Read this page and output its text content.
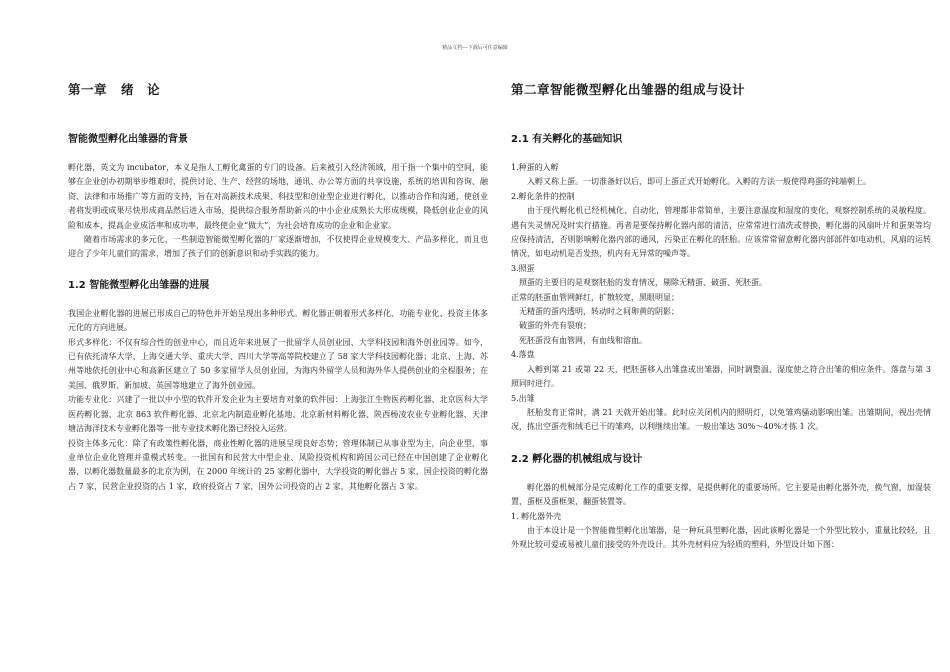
精品文档---下载后可任意编辑
第一章 绪　论
智能微型孵化出雏器的背景

孵化器，英文为 incubator，本义是指人工孵化禽蛋的专门的设备。后来被引入经济领域，用于指一个集中的空间，能够在企业创办初期举步维艰时，提供讨论、生产、经营的场地，通讯、办公等方面的共享设施，系统的培训和咨询、融资、法律和市场推广等方面的支持，旨在对高新技术成果、科技型和创业型企业进行孵化，以推动合作和沟通，使创业者将发明或成果尽快形成商品然后进入市场，提供综合服务帮助新兴的中小企业成熟长大形成规模，降低创业企业的风险和成本，提高企业成活率和成功率，最终使企业“做大”，为社会培育成功的企业和企业家。

随着市场需求的多元化，一些制造智能微型孵化器的厂家逐渐增加，不仅使得企业规模变大、产品多样化，而且也迎合了少年儿童们的需求，增加了孩子们的创新意识和动手实践的能力。

1.2 智能微型孵化出雏器的进展

我国企业孵化器的进展已形成自己的特色并开始呈现出多种形式。孵化器正朝着形式多样化、功能专业化、投资主体多元化的方向进展。

形式多样化：不仅有综合性的创业中心，而且近年来进展了一批留学人员创业园、大学科技园和海外创业园等。如今，已有依托清华大学、上海交通大学、重庆大学、四川大学等高等院校建立了 58 家大学科技园孵化器；北京、上海、苏州等地依托创业中心和高新区建立了 50 多家留学人员创业园，为海内外留学人员和海外华人提供创业的全程服务；在美国、俄罗斯、新加坡、英国等地建立了海外创业园。

功能专业化：兴建了一批以中小型的软件开发企业为主要培育对象的软件园：上海张江生物医药孵化器、北京医科大学医药孵化器、北京 863 软件孵化器、北京北内制造业孵化基地、北京新材料孵化器、陕西杨凌农业专业孵化器、天津塘沽海洋技术专业孵化器等一批专业技术孵化器已经投入运营。

投资主体多元化：除了有政策性孵化器，商业性孵化器的进展呈现良好态势；管理体制已从事业型为主，向企业型、事业单位企业化管理并重模式转变。一批国有和民营大中型企业、风险投资机构和跨国公司已经在中国创建了企业孵化器，以孵化器数量最多的北京为例，在 2000 年统计的 25 家孵化器中，大学投资的孵化器占 5 家，国企投资的孵化器占 7 家，民营企业投资的占 1 家，政府投资占 7 家，国外公司投资的占 2 家，其他孵化器占 3 家。

第二章智能微型孵化出雏器的组成与设计
2.1 有关孵化的基础知识

1.种蛋的入孵

入孵又称上蛋。一切准备好以后，即可上蛋正式开始孵化。入孵的方法一般使得鸡蛋的钝端朝上。

2.孵化条件的控制

由于现代孵化机已经机械化、自动化，管理都非常简单，主要注意温度和湿度的变化，观察控制系统的灵敏程度。遇有失灵情况及时实行措施。再者是要保持孵化器内部的清洁，应常常进行清洗或替换，孵化器的风扇叶片和蛋架等均应保持清洁，否则影响孵化器内部的通风，污染正在孵化的胚胎。应该常常留意孵化器内部部件如电动机，风扇的运转情况，如电动机是否发热，机内有无异常的噪声等。

3.照蛋

照蛋的主要目的是观察胚胎的发育情况，剔除无精蛋、破蛋、死胚蛋。

正常的胚蛋血管网鲜红，扩散较宽，黑眼明显；

无精蛋的蛋内透明，转动时之间卵黄的阴影；

破蛋的外壳有裂痕；

死胚蛋没有血管网，有血线和溶血。

4.落盘

入孵到第 21 或第 22 天，把胚蛋移入出雏盘或出雏器，同时调整温、湿度使之符合出雏的相应条件。落盘与第 3 照同时进行。

5.出雏

胚胎发育正常时，满 21 天就开始出雏。此时应关闭机内的照明灯，以免雏鸡骚动影响出雏。出雏期间，视出壳情况，拣出空蛋壳和绒毛已干的雏鸡，以利继续出雏。一般出雏达 30%～40%才拣 1 次。

2.2 孵化器的机械组成与设计

孵化器的机械部分是完成孵化工作的重要支撑，是提供孵化的重要场所。它主要是由孵化器外壳，换气窗，加湿装置，蛋框及蛋框架，翻蛋装置等。

1. 孵化器外壳

由于本设计是一个智能微型孵化出雏器，是一种玩具型孵化器，因此该孵化器是一个外型比较小，重量比较轻，且外观比较可爱或易被儿童们接受的外壳设计。其外壳材料应为轻质的塑料，外型设计如下图：
